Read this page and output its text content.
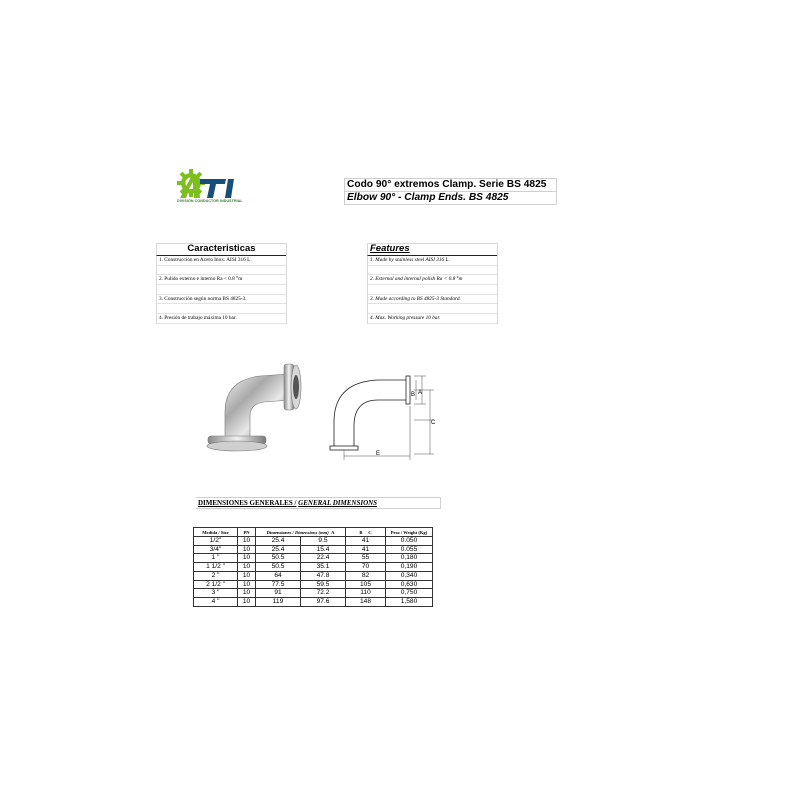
DIVISIÓN CONDUCTOR INDUSTRIAL
Codo 90° extremos Clamp. Serie BS 4825
Elbow 90° - Clamp Ends. BS 4825
Caracteristicas
1. Construcción en Acero Inox. AISI 316 L.
2. Pulido externo e interno Ra < 0.8 °m
3. Construcción según norma BS 4825-3.
4. Presión de trabajo máxima 10 bar.
Features
1. Made by stainless steel AISI 316 L.
2. External and internal polish Ra < 0.8 °m
3. Made according to BS 4825-3 Standard.
4. Max. Working pressure 10 bar.
A
B
C
E
DIMENSIONES GENERALES / GENERAL DIMENSIONS
Medida / Size	PN	Dimensiones / Dimensions (mm) A		B C	Peso / Weight (Kg)
1/2"	10	25.4	9.5	41	0.050
3/4"	10	25.4	15.4	41	0.055
1 "	10	50.5	22.4	55	0,180
1 1/2 "	10	50.5	35.1	70	0,190
2 "	10	64	47.8	82	0,340
2 1/2 "	10	77.5	59.5	105	0,630
3 "	10	91	72.2	110	0,750
4 "	10	119	97.6	148	1,580
